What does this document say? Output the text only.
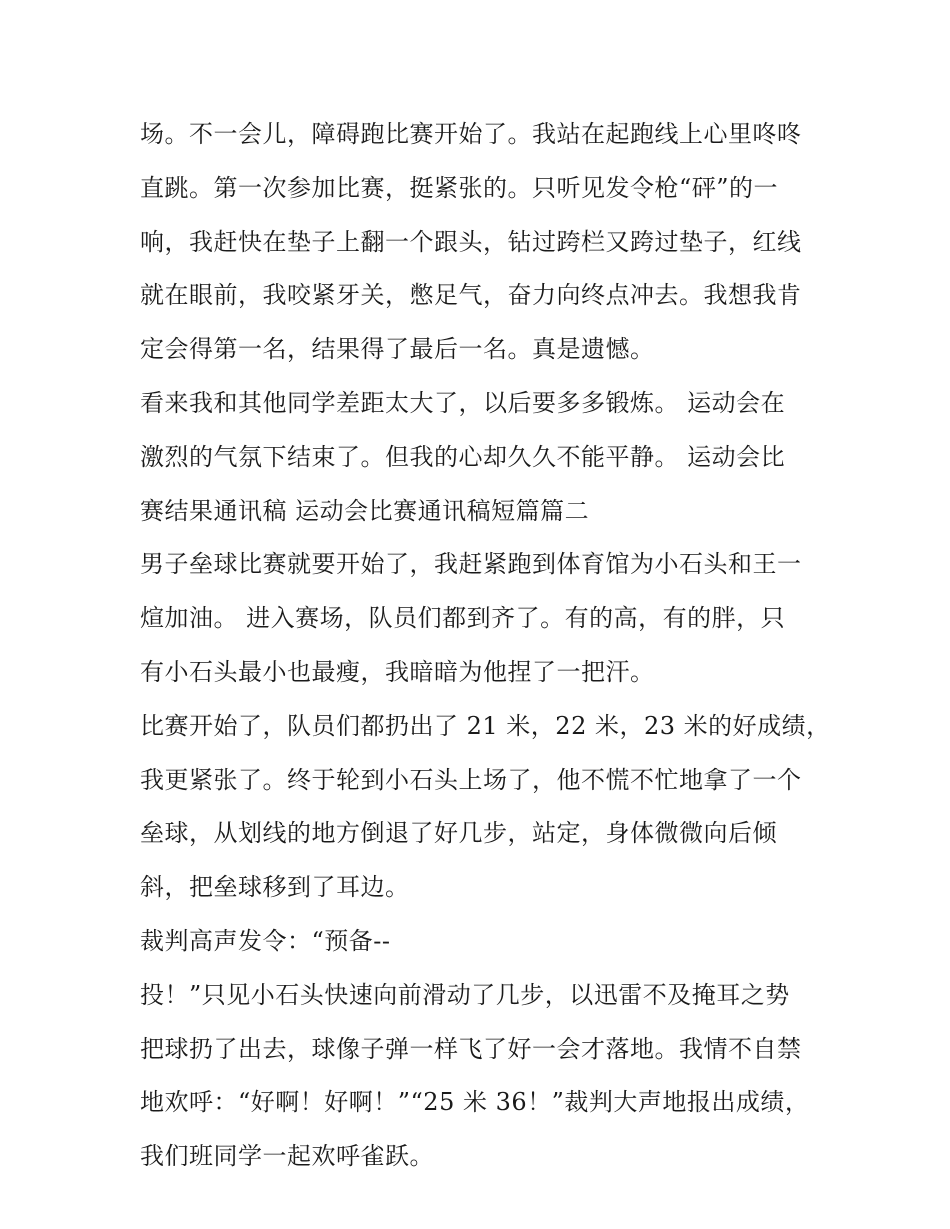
场。不一会儿，障碍跑比赛开始了。我站在起跑线上心里咚咚
直跳。第一次参加比赛，挺紧张的。只听见发令枪“砰”的一
响，我赶快在垫子上翻一个跟头，钻过跨栏又跨过垫子，红线
就在眼前，我咬紧牙关，憋足气，奋力向终点冲去。我想我肯
定会得第一名，结果得了最后一名。真是遗憾。
看来我和其他同学差距太大了，以后要多多锻炼。 运动会在
激烈的气氛下结束了。但我的心却久久不能平静。 运动会比
赛结果通讯稿 运动会比赛通讯稿短篇篇二
男子垒球比赛就要开始了，我赶紧跑到体育馆为小石头和王一
煊加油。 进入赛场，队员们都到齐了。有的高，有的胖，只
有小石头最小也最瘦，我暗暗为他捏了一把汗。
比赛开始了，队员们都扔出了 21 米，22 米，23 米的好成绩，
我更紧张了。终于轮到小石头上场了，他不慌不忙地拿了一个
垒球，从划线的地方倒退了好几步，站定，身体微微向后倾
斜，把垒球移到了耳边。
裁判高声发令：“预备--
投！”只见小石头快速向前滑动了几步，以迅雷不及掩耳之势
把球扔了出去，球像子弹一样飞了好一会才落地。我情不自禁
地欢呼：“好啊！好啊！”“25 米 36！”裁判大声地报出成绩，
我们班同学一起欢呼雀跃。
